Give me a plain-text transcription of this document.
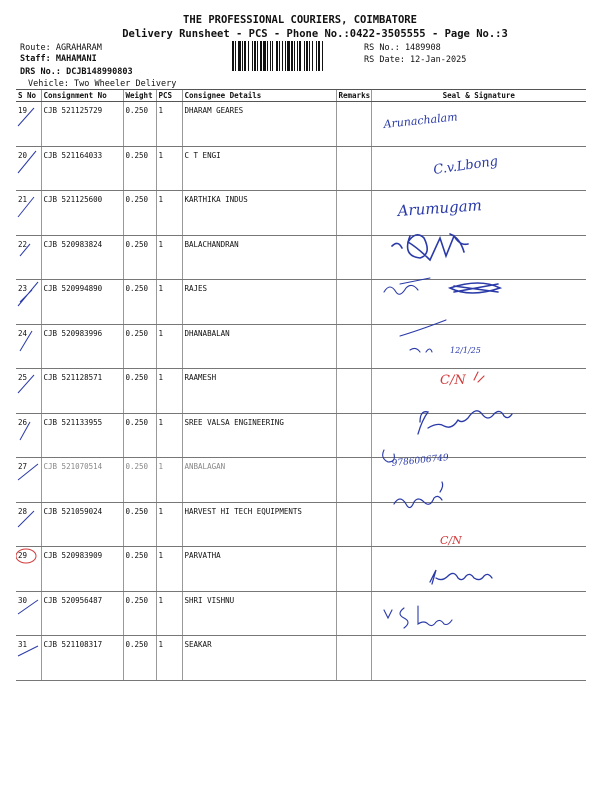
THE PROFESSIONAL COURIERS, COIMBATORE
Delivery Runsheet - PCS - Phone No.:0422-3505555 - Page No.:3
Route: AGRAHARAM
Staff: MAHAMANI
DRS No.: DCJB148990803
Vehicle: Two Wheeler Delivery
RS No.: 1489908
RS Date: 12-Jan-2025
S No	Consignment No	Weight	PCS	Consignee Details	Remarks	Seal & Signature
19	CJB 521125729	0.250	1	DHARAM GEARES		
20	CJB 521164033	0.250	1	C T ENGI		
21	CJB 521125600	0.250	1	KARTHIKA INDUS		
22	CJB 520983824	0.250	1	BALACHANDRAN		
23	CJB 520994890	0.250	1	RAJES		
24	CJB 520983996	0.250	1	DHANABALAN		
25	CJB 521128571	0.250	1	RAAMESH		
26	CJB 521133955	0.250	1	SREE VALSA ENGINEERING		
27	CJB 521070514	0.250	1	ANBALAGAN		
28	CJB 521059024	0.250	1	HARVEST HI TECH EQUIPMENTS		
29	CJB 520983909	0.250	1	PARVATHA		
30	CJB 520956487	0.250	1	SHRI VISHNU		
31	CJB 521108317	0.250	1	SEAKAR		
Arunachalam
C.v.Lbong
Arumugam
12/1/25
C/N
9786006749
C/N
